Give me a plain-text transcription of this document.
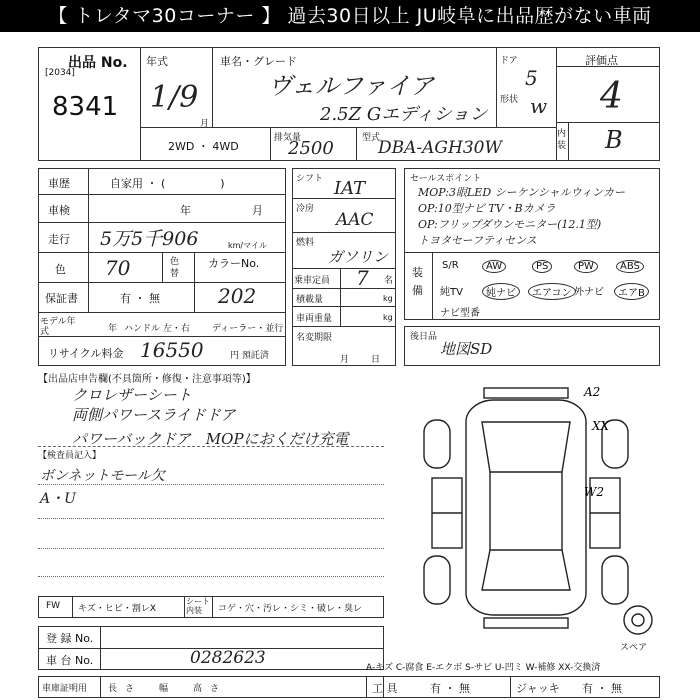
【 トレタマ30コーナー 】 過去30日以上 JU岐阜に出品歴がない車両
出品 No.
[2034]
8341
年式
1/9
月
車名・グレード
ヴェルファイア
2.5Z Gエディション
ドア
5
形状 w
評価点
4
内装 B
2WD ・ 4WD
排気量
2500	型式
DBA-AGH30W
車歴	自家用 ・ (　　　　　)
車検	年	月
走行 5万5千906	km/マイル
色 70	色替
カラーNo.
202
保証書	有 ・ 無
モデル年式	年 ハンドル 左・右 ディーラー・並行
リサイクル料金 16550	円 預託済
シフト IAT
冷房
AAC
燃料
ガソリン
乗車定員 7 名
積載量	kg
車両重量	kg
名変期限
月日
セールスポイント
MOP:3眼LED シーケンシャルウィンカー
OP:10型ナビ TV・Bカメラ
OP:フリップダウンモニター(12.1型)
トヨタセーフティセンス
装備
S/R	AW	PS	PW	ABS
純TV	純ナビ	エアコン 外ナビ	エアB
ナビ型番
後日品
地図SD
【出品店申告欄(不具箇所・修復・注意事項等)】
クロレザーシート
両側パワースライドドア
パワーバックドア　MOPにおくだけ充電
【検査員記入】
ボンネットモール欠
A・U
A2
XX
W2
スペア
FW キズ・ヒビ・割レX
シート内装	コゲ・穴・汚レ・シミ・破レ・臭レ
登 録 No.
車 台 No.	0282623
車庫証明用 長さ　幅　高さ
A-キズ C-腐食 E-エクボ S-サビ U-凹ミ W-補修 XX-交換済
工 具	有 ・ 無	ジャッキ 有 ・ 無
